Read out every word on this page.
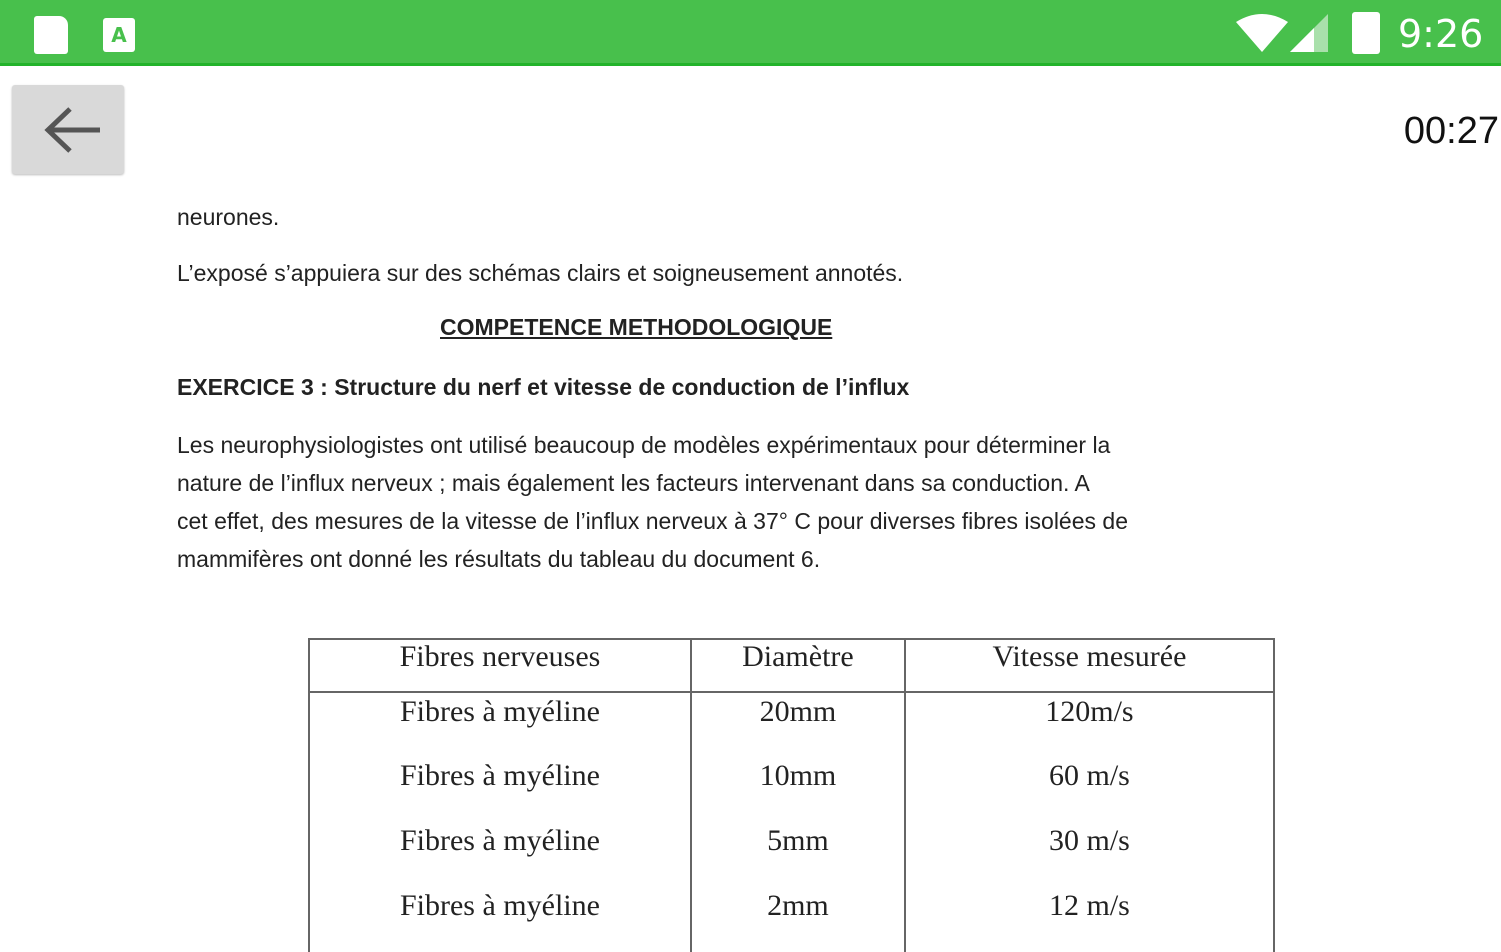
A	9:26
00:27
neurones.
L’exposé s’appuiera sur des schémas clairs et soigneusement annotés.
COMPETENCE METHODOLOGIQUE
EXERCICE 3 : Structure du nerf et vitesse de conduction de l’influx
Les neurophysiologistes ont utilisé beaucoup de modèles expérimentaux pour déterminer la
nature de l’influx nerveux ; mais également les facteurs intervenant dans sa conduction. A
cet effet, des mesures de la vitesse de l’influx nerveux à 37° C pour diverses fibres isolées de
mammifères ont donné les résultats du tableau du document 6.
Fibres nerveuses	Diamètre	Vitesse mesurée
Fibres à myéline	20mm	120m/s
Fibres à myéline	10mm	60 m/s
Fibres à myéline	5mm	30 m/s
Fibres à myéline	2mm	12 m/s
